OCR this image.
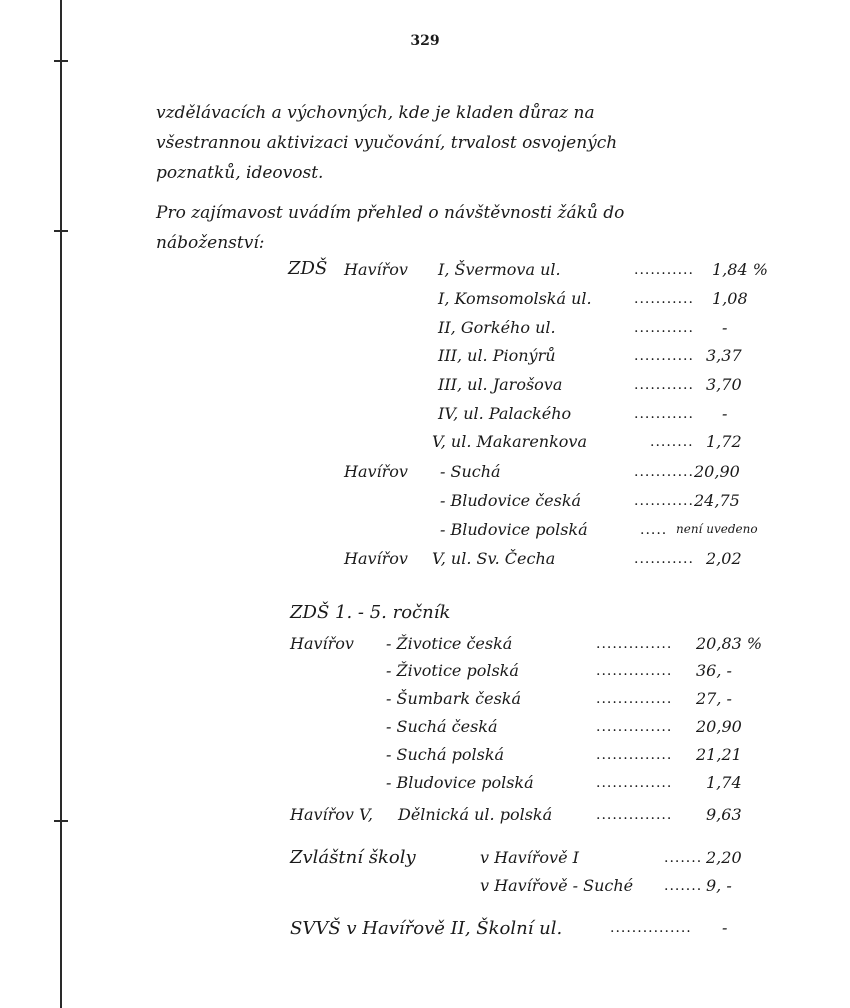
329
vzdělávacích a výchovných, kde je kladen důraz na
všestrannou aktivizaci vyučování, trvalost osvojených
poznatků, ideovost.
Pro zajímavost uvádím přehled o návštěvnosti žáků do
náboženství:
ZDŠ Havířov I, Švermova ul.	........... 1,84 %
I, Komsomolská ul.	........... 1,08
II, Gorkého ul.	........... -
III, ul. Pionýrů	........... 3,37
III, ul. Jarošova	........... 3,70
IV, ul. Palackého	........... -
V, ul. Makarenkova	........ 1,72
Havířov - Suchá	........... 20,90
- Bludovice česká	........... 24,75
- Bludovice polská	..... není uvedeno
Havířov V, ul. Sv. Čecha	........... 2,02
ZDŠ 1. - 5. ročník
Havířov - Životice česká	.............. 20,83 %
- Životice polská	.............. 36, -
- Šumbark česká	.............. 27, -
- Suchá česká	.............. 20,90
- Suchá polská	.............. 21,21
- Bludovice polská	.............. 1,74
Havířov V, Dělnická ul. polská	.............. 9,63
Zvláštní školy	v Havířově I	....... 2,20
v Havířově - Suché ....... 9, -
SVVŠ v Havířově II, Školní ul.	............... -
